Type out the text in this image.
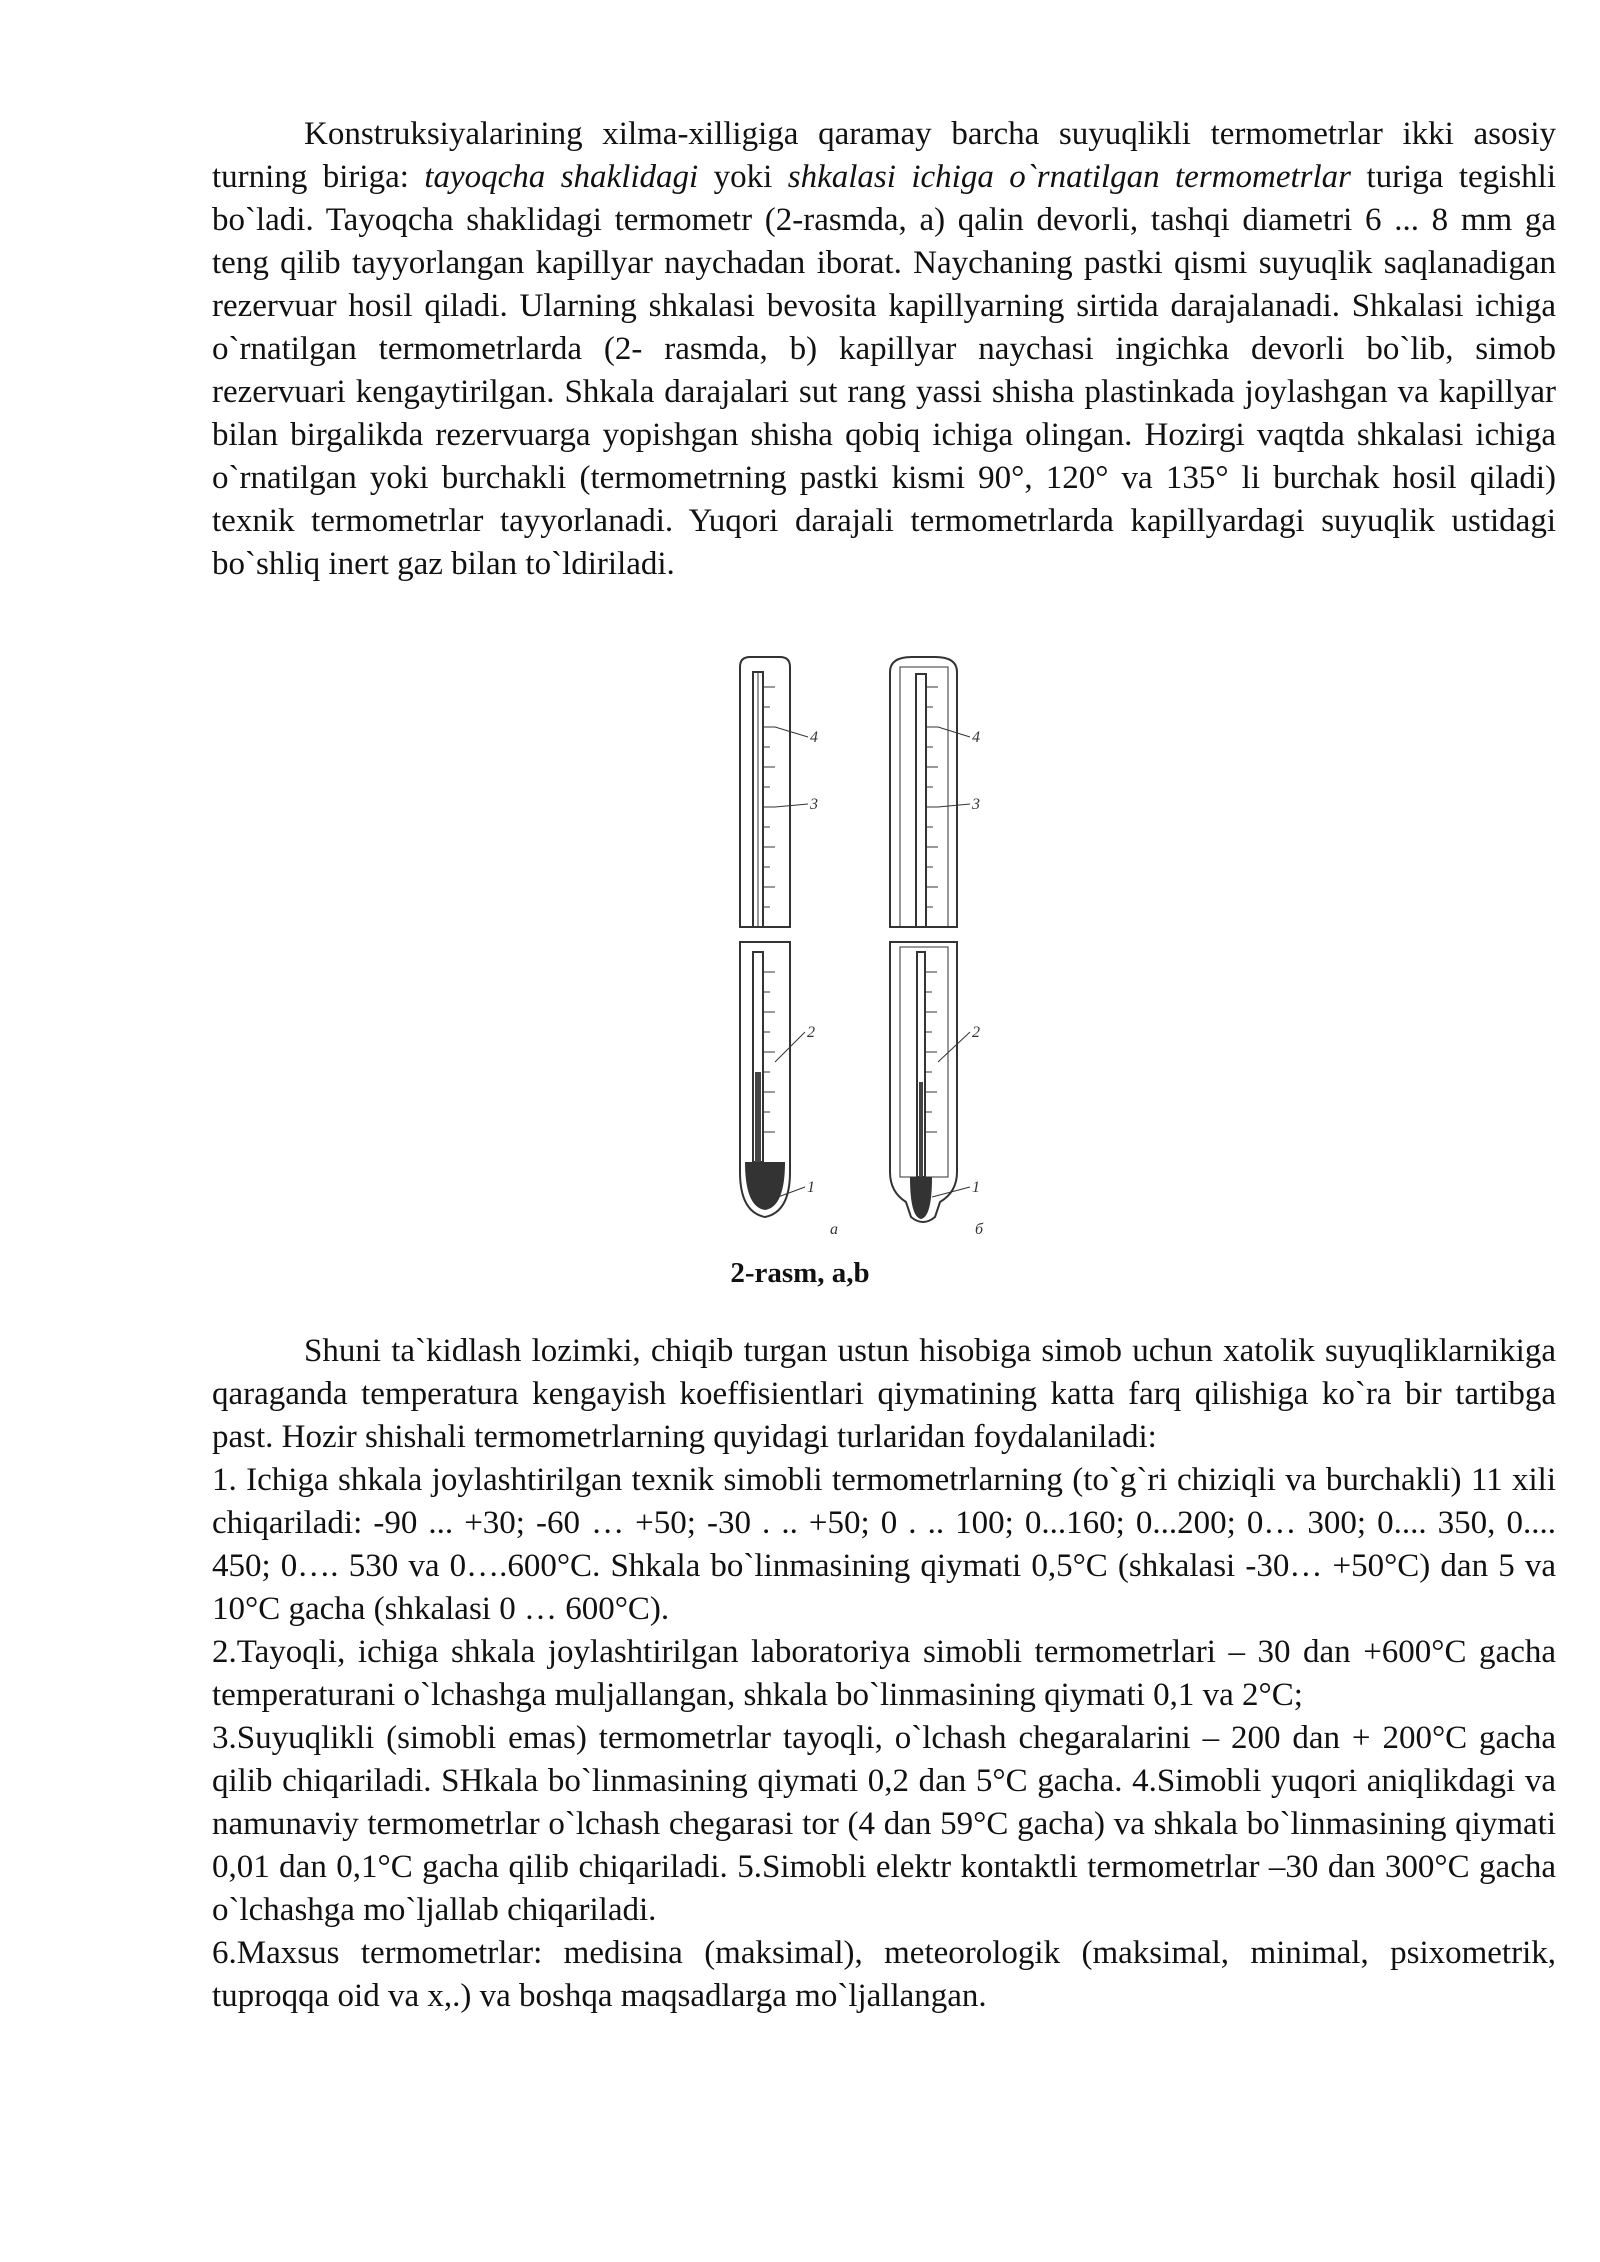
Konstruksiyalarining xilma-xilligiga qaramay barcha suyuqlikli termometrlar ikki asosiy turning biriga: tayoqcha shaklidagi yoki shkalasi ichiga o`rnatilgan termometrlar turiga tegishli bo`ladi. Tayoqcha shaklidagi termometr (2-rasmda, a) qalin devorli, tashqi diametri 6 ... 8 mm ga teng qilib tayyorlangan kapillyar naychadan iborat. Naychaning pastki qismi suyuqlik saqlanadigan rezervuar hosil qiladi. Ularning shkalasi bevosita kapillyarning sirtida darajalanadi. Shkalasi ichiga o`rnatilgan termometrlarda (2- rasmda, b) kapillyar naychasi ingichka devorli bo`lib, simob rezervuari kengaytirilgan. Shkala darajalari sut rang yassi shisha plastinkada joylashgan va kapillyar bilan birgalikda rezervuarga yopishgan shisha qobiq ichiga olingan. Hozirgi vaqtda shkalasi ichiga o`rnatilgan yoki burchakli (termometrning pastki kismi 90°, 120° va 135° li burchak hosil qiladi) texnik termometrlar tayyorlanadi. Yuqori darajali termometrlarda kapillyardagi suyuqlik ustidagi bo`shliq inert gaz bilan to`ldiriladi.
4
3
2
1
4
3
2
1
a	б
2-rasm, a,b

Shuni ta`kidlash lozimki, chiqib turgan ustun hisobiga simob uchun xatolik suyuqliklarnikiga qaraganda temperatura kengayish koeffisientlari qiymatining katta farq qilishiga ko`ra bir tartibga past. Hozir shishali termometrlarning quyidagi turlaridan foydalaniladi:

1. Ichiga shkala joylashtirilgan texnik simobli termometrlarning (to`g`ri chiziqli va burchakli) 11 xili chiqariladi: -90 ... +30; -60 … +50; -30 . .. +50; 0 . .. 100; 0...160; 0...200; 0… 300; 0.... 350, 0.... 450; 0…. 530 va 0….600°C. Shkala bo`linmasining qiymati 0,5°C (shkalasi -30… +50°C) dan 5 va 10°C gacha (shkalasi 0 … 600°C).

2.Tayoqli, ichiga shkala joylashtirilgan laboratoriya simobli termometrlari – 30 dan +600°C gacha temperaturani o`lchashga muljallangan, shkala bo`linmasining qiymati 0,1 va 2°C;

3.Suyuqlikli (simobli emas) termometrlar tayoqli, o`lchash chegaralarini – 200 dan + 200°C gacha qilib chiqariladi. SHkala bo`linmasining qiymati 0,2 dan 5°C gacha. 4.Simobli yuqori aniqlikdagi va namunaviy termometrlar o`lchash chegarasi tor (4 dan 59°C gacha) va shkala bo`linmasining qiymati 0,01 dan 0,1°C gacha qilib chiqariladi. 5.Simobli elektr kontaktli termometrlar –30 dan 300°C gacha o`lchashga mo`ljallab chiqariladi.

6.Maxsus termometrlar: medisina (maksimal), meteorologik (maksimal, minimal, psixometrik, tuproqqa oid va x,.) va boshqa maqsadlarga mo`ljallangan.
